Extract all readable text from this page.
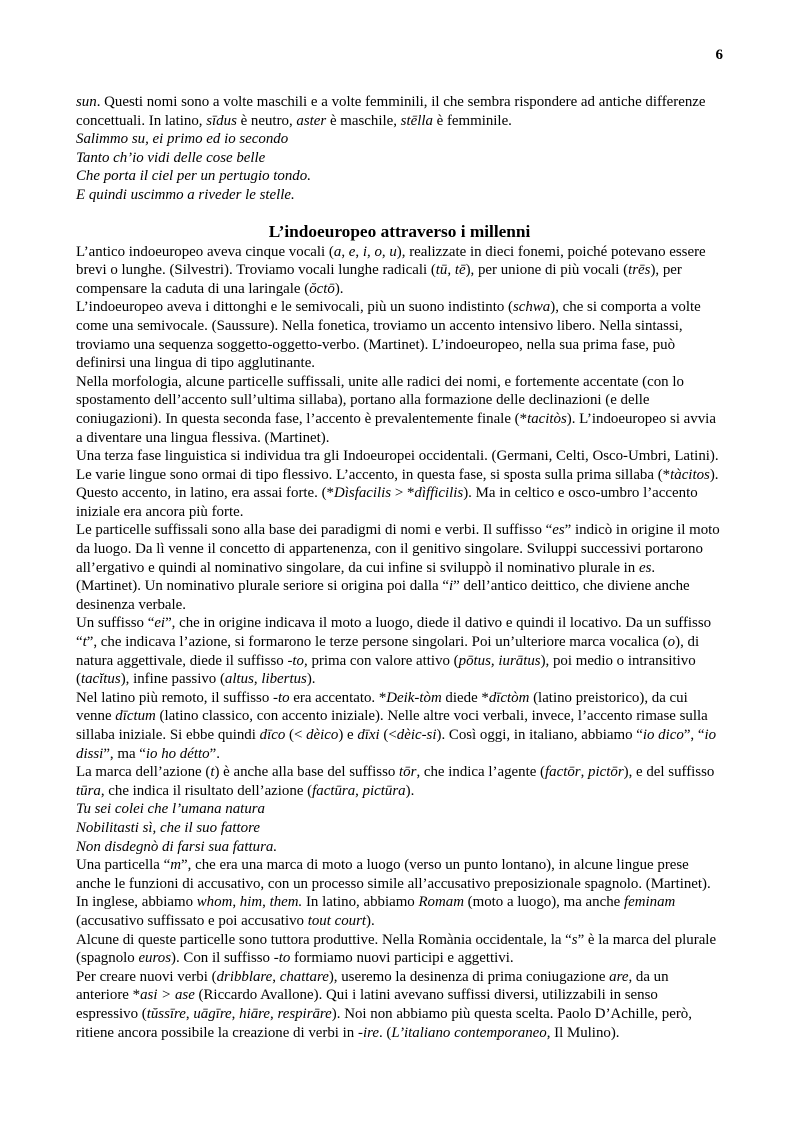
6

sun. Questi nomi sono a volte maschili e a volte femminili, il che sembra rispondere ad antiche differenze concettuali. In latino, sīdus è neutro, aster è maschile, stēlla è femminile.

Salimmo su, ei primo ed io secondo

Tanto ch’io vidi delle cose belle

Che porta il ciel per un pertugio tondo.

E quindi uscimmo a riveder le stelle.

L’indoeuropeo attraverso i millenni

L’antico indoeuropeo aveva cinque vocali (a, e, i, o, u), realizzate in dieci fonemi, poiché potevano essere brevi o lunghe. (Silvestri). Troviamo vocali lunghe radicali (tū, tē), per unione di più vocali (trēs), per compensare la caduta di una laringale (ŏctō).

L’indoeuropeo aveva i dittonghi e le semivocali, più un suono indistinto (schwa), che si comporta a volte come una semivocale. (Saussure). Nella fonetica, troviamo un accento intensivo libero. Nella sintassi, troviamo una sequenza soggetto-oggetto-verbo. (Martinet). L’indoeuropeo, nella sua prima fase, può definirsi una lingua di tipo agglutinante.

Nella morfologia, alcune particelle suffissali, unite alle radici dei nomi, e fortemente accentate (con lo spostamento dell’accento sull’ultima sillaba), portano alla formazione delle declinazioni (e delle coniugazioni). In questa seconda fase, l’accento è prevalentemente finale (*tacitòs). L’indoeuropeo si avvia a diventare una lingua flessiva. (Martinet).

Una terza fase linguistica si individua tra gli Indoeuropei occidentali. (Germani, Celti, Osco-Umbri, Latini). Le varie lingue sono ormai di tipo flessivo. L’accento, in questa fase, si sposta sulla prima sillaba (*tàcitos). Questo accento, in latino, era assai forte. (*Dìsfacilis > *dìfficilis). Ma in celtico e osco-umbro l’accento iniziale era ancora più forte.

Le particelle suffissali sono alla base dei paradigmi di nomi e verbi. Il suffisso “es” indicò in origine il moto da luogo. Da lì venne il concetto di appartenenza, con il genitivo singolare. Sviluppi successivi portarono all’ergativo e quindi al nominativo singolare, da cui infine si sviluppò il nominativo plurale in es. (Martinet). Un nominativo plurale seriore si origina poi dalla “i” dell’antico deittico, che diviene anche desinenza verbale.

Un suffisso “ei”, che in origine indicava il moto a luogo, diede il dativo e quindi il locativo. Da un suffisso “t”, che indicava l’azione, si formarono le terze persone singolari. Poi un’ulteriore marca vocalica (o), di natura aggettivale, diede il suffisso -to, prima con valore attivo (pōtus, iurātus), poi medio o intransitivo (tacĭtus), infine passivo (altus, libertus).

Nel latino più remoto, il suffisso -to era accentato. *Deik-tòm diede *dīctòm (latino preistorico), da cui venne dīctum (latino classico, con accento iniziale). Nelle altre voci verbali, invece, l’accento rimase sulla sillaba iniziale. Si ebbe quindi dīco (< dèico) e dīxi (<dèic-si). Così oggi, in italiano, abbiamo “io dico”, “io dissi”, ma “io ho détto”.

La marca dell’azione (t) è anche alla base del suffisso tōr, che indica l’agente (factōr, pictōr), e del suffisso tūra, che indica il risultato dell’azione (factūra, pictūra).

Tu sei colei che l’umana natura

Nobilitasti sì, che il suo fattore

Non disdegnò di farsi sua fattura.

Una particella “m”, che era una marca di moto a luogo (verso un punto lontano), in alcune lingue prese anche le funzioni di accusativo, con un processo simile all’accusativo preposizionale spagnolo. (Martinet). In inglese, abbiamo whom, him, them. In latino, abbiamo Romam (moto a luogo), ma anche feminam (accusativo suffissato e poi accusativo tout court).

Alcune di queste particelle sono tuttora produttive. Nella Romània occidentale, la “s” è la marca del plurale (spagnolo euros). Con il suffisso -to formiamo nuovi participi e aggettivi.

Per creare nuovi verbi (dribblare, chattare), useremo la desinenza di prima coniugazione are, da un anteriore *asi > ase (Riccardo Avallone). Qui i latini avevano suffissi diversi, utilizzabili in senso espressivo (tŭssīre, uāgīre, hiāre, respirāre). Noi non abbiamo più questa scelta. Paolo D’Achille, però, ritiene ancora possibile la creazione di verbi in -ire. (L’italiano contemporaneo, Il Mulino).
